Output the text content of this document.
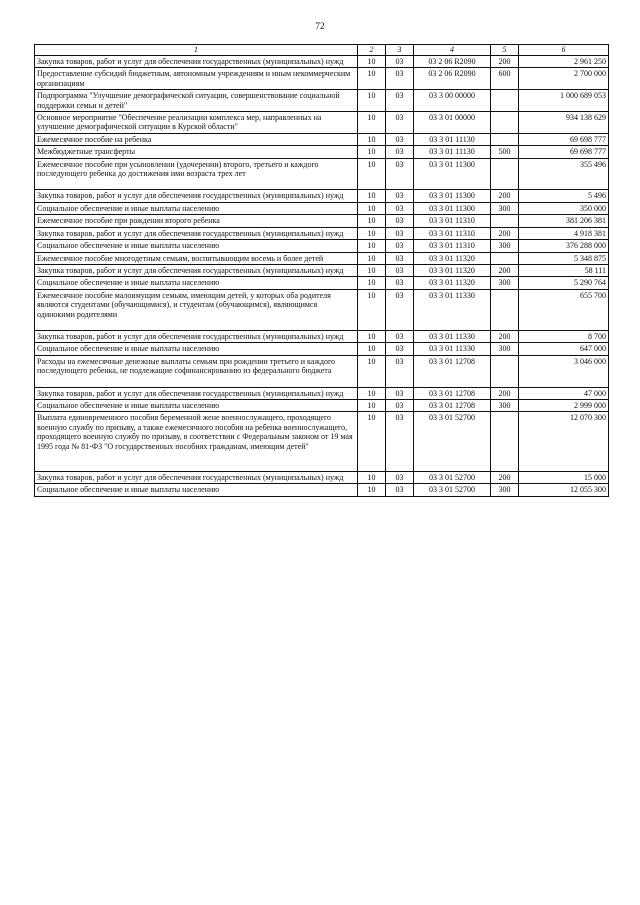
72
1	2	3	4	5	6
Закупка товаров, работ и услуг для обеспечения государственных (муниципальных) нужд	10	03	03 2 06 R2090	200	2 961 250
Предоставление субсидий бюджетным, автономным учреждениям и иным некоммерческим организациям	10	03	03 2 06 R2090	600	2 700 000
Подпрограмма "Улучшение демографической ситуации, совершенствование социальной поддержки семьи и детей"	10	03	03 3 00 00000		1 000 689 053
Основное мероприятие "Обеспечение реализации комплекса мер, направленных на улучшение демографической ситуации в Курской области"	10	03	03 3 01 00000		934 138 629
Ежемесячное пособие на ребенка	10	03	03 3 01 11130		69 698 777
Межбюджетные трансферты	10	03	03 3 01 11130	500	69 698 777
Ежемесячное пособие при усыновлении (удочерении) второго, третьего и каждого последующего ребенка до достижения ими возраста трех лет	10	03	03 3 01 11300		355 496
Закупка товаров, работ и услуг для обеспечения государственных (муниципальных) нужд	10	03	03 3 01 11300	200	5 496
Социальное обеспечение и иные выплаты населению	10	03	03 3 01 11300	300	350 000
Ежемесячное пособие при рождении второго ребенка	10	03	03 3 01 11310		381 206 381
Закупка товаров, работ и услуг для обеспечения государственных (муниципальных) нужд	10	03	03 3 01 11310	200	4 918 381
Социальное обеспечение и иные выплаты населению	10	03	03 3 01 11310	300	376 288 000
Ежемесячное пособие многодетным семьям, воспитывающим восемь и более детей	10	03	03 3 01 11320		5 348 875
Закупка товаров, работ и услуг для обеспечения государственных (муниципальных) нужд	10	03	03 3 01 11320	200	58 111
Социальное обеспечение и иные выплаты населению	10	03	03 3 01 11320	300	5 290 764
Ежемесячное пособие малоимущим семьям, имеющим детей, у которых оба родителя являются студентами (обучающимися), и студентам (обучающимся), являющимся одинокими родителями	10	03	03 3 01 11330		655 700
Закупка товаров, работ и услуг для обеспечения государственных (муниципальных) нужд	10	03	03 3 01 11330	200	8 700
Социальное обеспечение и иные выплаты населению	10	03	03 3 01 11330	300	647 000
Расходы на ежемесячные денежные выплаты семьям при рождении третьего и каждого последующего ребенка, не подлежащие софинансированию из федерального бюджета	10	03	03 3 01 12708		3 046 000
Закупка товаров, работ и услуг для обеспечения государственных (муниципальных) нужд	10	03	03 3 01 12708	200	47 000
Социальное обеспечение и иные выплаты населению	10	03	03 3 01 12708	300	2 999 000
Выплата единовременного пособия беременной жене военнослужащего, проходящего военную службу по призыву, а также ежемесячного пособия на ребенка военнослужащего, проходящего военную службу по призыву, в соответствии с Федеральным законом от 19 мая 1995 года № 81-ФЗ "О государственных пособиях гражданам, имеющим детей"	10	03	03 3 01 52700		12 070 300
Закупка товаров, работ и услуг для обеспечения государственных (муниципальных) нужд	10	03	03 3 01 52700	200	15 000
Социальное обеспечение и иные выплаты населению	10	03	03 3 01 52700	300	12 055 300
